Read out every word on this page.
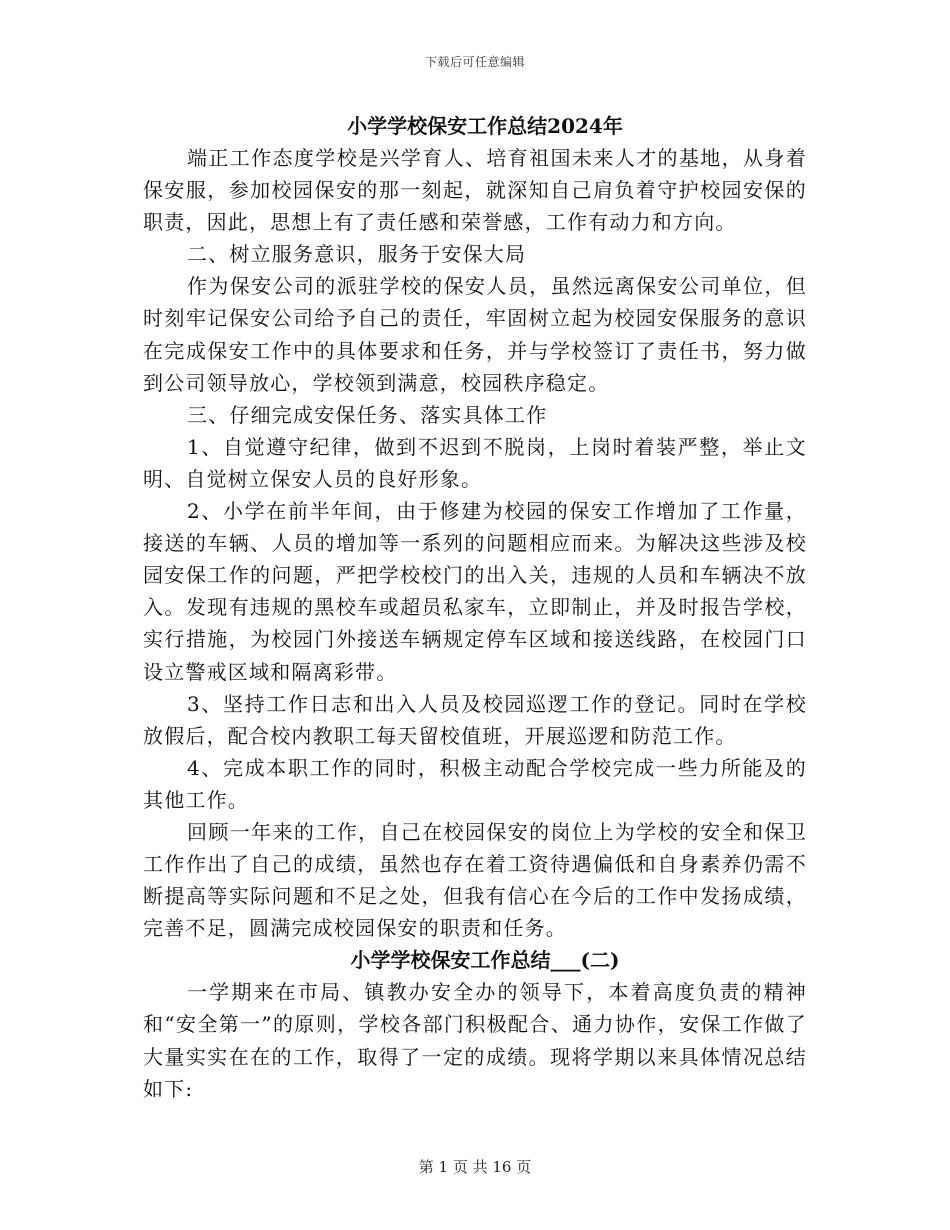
下载后可任意编辑
小学学校保安工作总结2024年

端正工作态度学校是兴学育人、培育祖国未来人才的基地，从身着保安服，参加校园保安的那一刻起，就深知自己肩负着守护校园安保的职责，因此，思想上有了责任感和荣誉感，工作有动力和方向。

二、树立服务意识，服务于安保大局

作为保安公司的派驻学校的保安人员，虽然远离保安公司单位，但时刻牢记保安公司给予自己的责任，牢固树立起为校园安保服务的意识在完成保安工作中的具体要求和任务，并与学校签订了责任书，努力做到公司领导放心，学校领到满意，校园秩序稳定。

三、仔细完成安保任务、落实具体工作

1、自觉遵守纪律，做到不迟到不脱岗，上岗时着装严整，举止文明、自觉树立保安人员的良好形象。

2、小学在前半年间，由于修建为校园的保安工作增加了工作量，接送的车辆、人员的增加等一系列的问题相应而来。为解决这些涉及校园安保工作的问题，严把学校校门的出入关，违规的人员和车辆决不放入。发现有违规的黑校车或超员私家车，立即制止，并及时报告学校，实行措施，为校园门外接送车辆规定停车区域和接送线路，在校园门口设立警戒区域和隔离彩带。

3、坚持工作日志和出入人员及校园巡逻工作的登记。同时在学校放假后，配合校内教职工每天留校值班，开展巡逻和防范工作。

4、完成本职工作的同时，积极主动配合学校完成一些力所能及的其他工作。

回顾一年来的工作，自己在校园保安的岗位上为学校的安全和保卫工作作出了自己的成绩，虽然也存在着工资待遇偏低和自身素养仍需不断提高等实际问题和不足之处，但我有信心在今后的工作中发扬成绩，完善不足，圆满完成校园保安的职责和任务。

小学学校保安工作总结___(二)

一学期来在市局、镇教办安全办的领导下，本着高度负责的精神和“安全第一”的原则，学校各部门积极配合、通力协作，安保工作做了大量实实在在的工作，取得了一定的成绩。现将学期以来具体情况总结如下:

第 1 页 共 16 页
